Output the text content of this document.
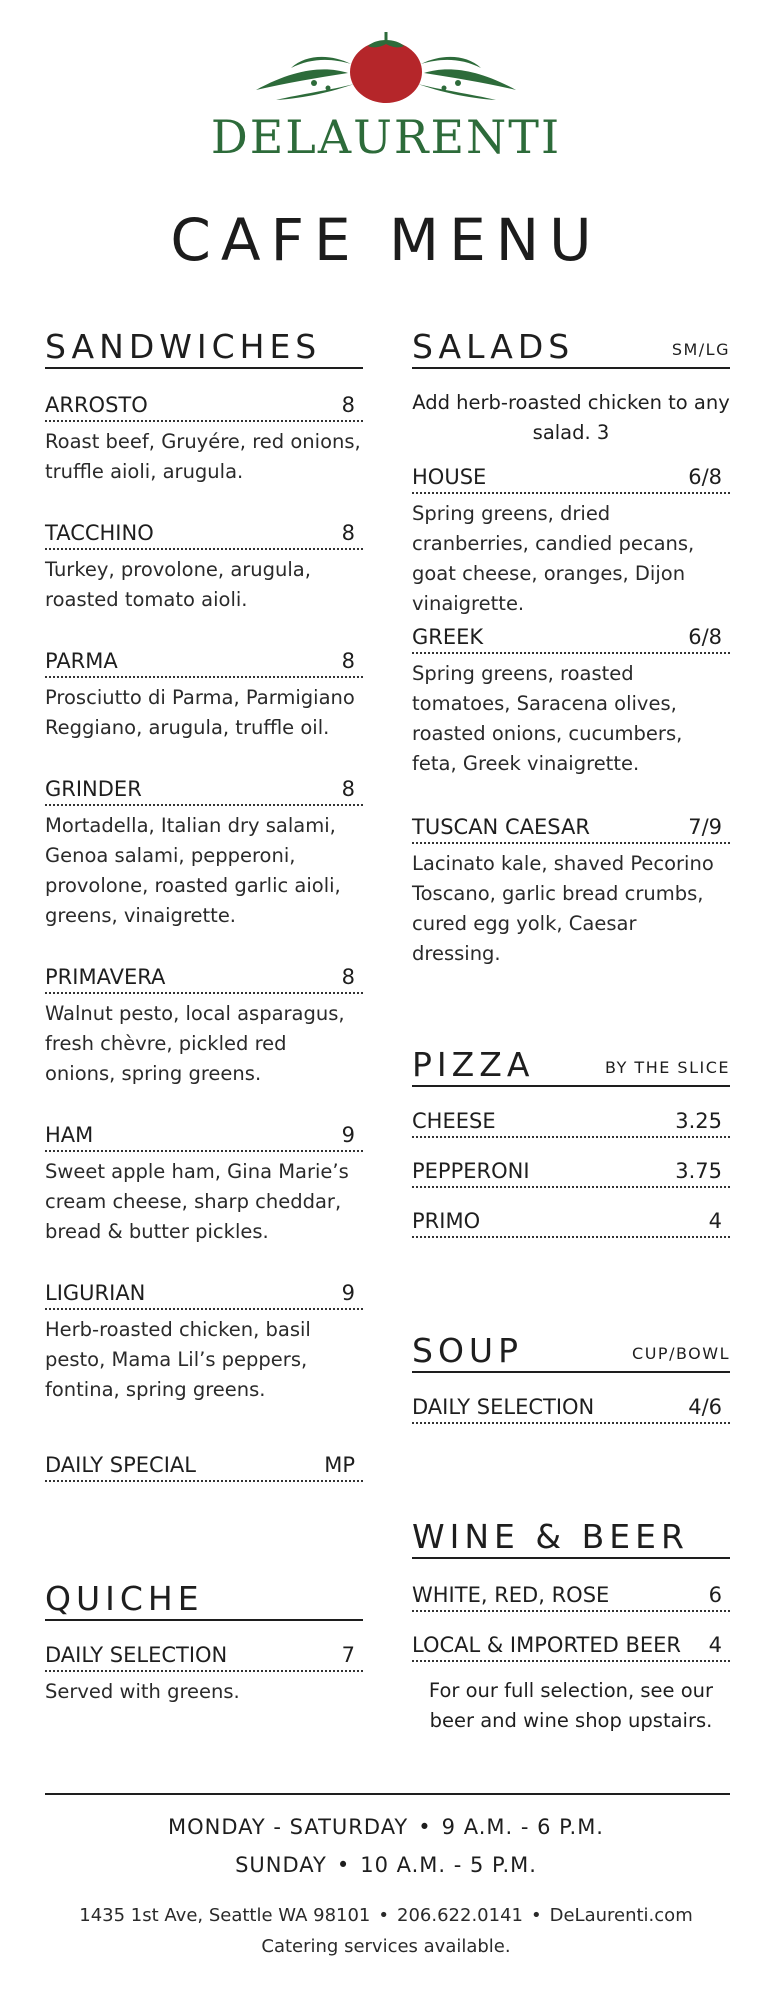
DELAURENTI
CAFE MENU
SANDWICHES
ARROSTO	8
Roast beef, Gruyére, red onions, truffle aioli, arugula.
TACCHINO	8
Turkey, provolone, arugula, roasted tomato aioli.
PARMA	8
Prosciutto di Parma, Parmigiano Reggiano, arugula, truffle oil.
GRINDER	8
Mortadella, Italian dry salami, Genoa salami, pepperoni, provolone, roasted garlic aioli, greens, vinaigrette.
PRIMAVERA	8
Walnut pesto, local asparagus, fresh chèvre, pickled red onions, spring greens.
HAM	9
Sweet apple ham, Gina Marie’s cream cheese, sharp cheddar, bread & butter pickles.
LIGURIAN	9
Herb-roasted chicken, basil pesto, Mama Lil’s peppers, fontina, spring greens.
DAILY SPECIAL	MP
QUICHE
DAILY SELECTION	7
Served with greens.
SALADS	SM/LG
Add herb-roasted chicken to any salad. 3
HOUSE	6/8
Spring greens, dried cranberries, candied pecans, goat cheese, oranges, Dijon vinaigrette.
GREEK	6/8
Spring greens, roasted tomatoes, Saracena olives, roasted onions, cucumbers, feta, Greek vinaigrette.
TUSCAN CAESAR	7/9
Lacinato kale, shaved Pecorino Toscano, garlic bread crumbs, cured egg yolk, Caesar dressing.
PIZZA	BY THE SLICE
CHEESE	3.25
PEPPERONI	3.75
PRIMO	4
SOUP	CUP/BOWL
DAILY SELECTION	4/6
WINE & BEER
WHITE, RED, ROSE	6
LOCAL & IMPORTED BEER 4
For our full selection, see our beer and wine shop upstairs.
MONDAY - SATURDAY • 9 A.M. - 6 P.M.
SUNDAY • 10 A.M. - 5 P.M.
1435 1st Ave, Seattle WA 98101 • 206.622.0141 • DeLaurenti.com
Catering services available.
